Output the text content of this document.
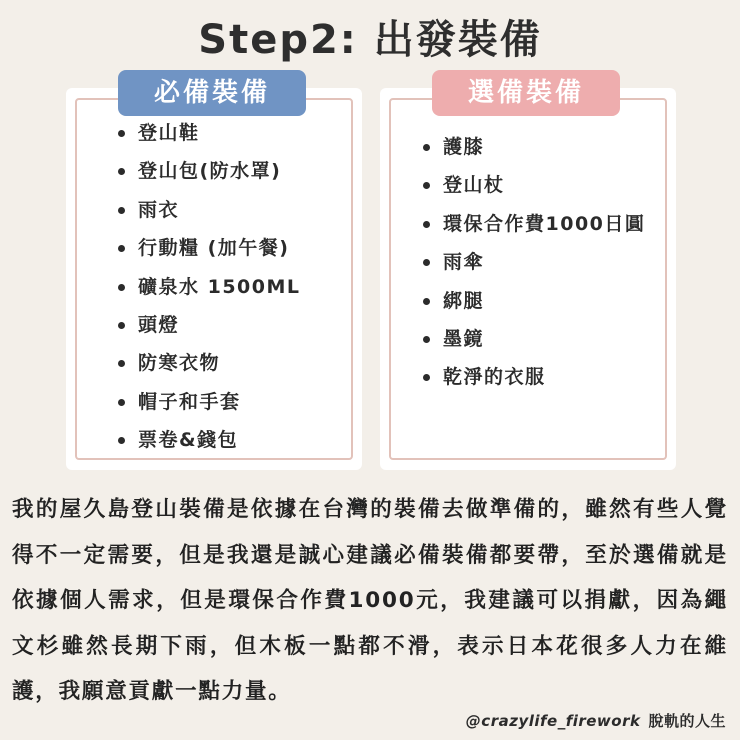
Step2: 出發裝備
必備裝備	選備裝備
登山鞋
登山包(防水罩)
雨衣
行動糧 (加午餐)
礦泉水 1500ML
頭燈
防寒衣物
帽子和手套
票卷&錢包
護膝
登山杖
環保合作費1000日圓
雨傘
綁腿
墨鏡
乾淨的衣服
我的屋久島登山裝備是依據在台灣的裝備去做準備的，雖然有些人覺得不一定需要，但是我還是誠心建議必備裝備都要帶，至於選備就是依據個人需求，但是環保合作費1000元，我建議可以捐獻，因為繩文杉雖然長期下雨，但木板一點都不滑，表示日本花很多人力在維護，我願意貢獻一點力量。
@crazylife_firework 脫軌的人生
